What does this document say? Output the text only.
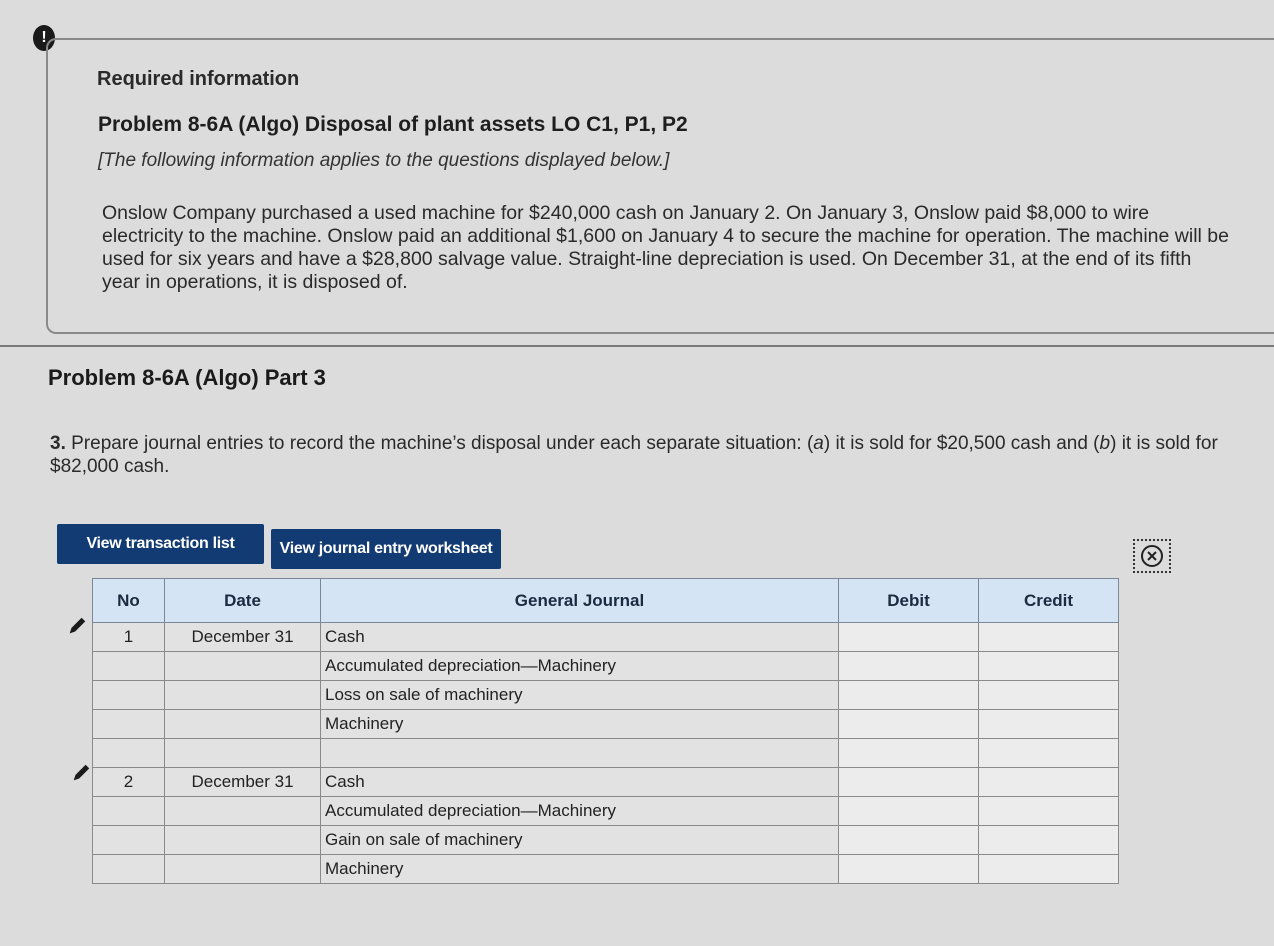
!
Required information
Problem 8-6A (Algo) Disposal of plant assets LO C1, P1, P2
[The following information applies to the questions displayed below.]
Onslow Company purchased a used machine for $240,000 cash on January 2. On January 3, Onslow paid $8,000 to wire electricity to the machine. Onslow paid an additional $1,600 on January 4 to secure the machine for operation. The machine will be used for six years and have a $28,800 salvage value. Straight-line depreciation is used. On December 31, at the end of its fifth year in operations, it is disposed of.
Problem 8-6A (Algo) Part 3
3. Prepare journal entries to record the machine’s disposal under each separate situation: (a) it is sold for $20,500 cash and (b) it is sold for $82,000 cash.
View transaction list	View journal entry worksheet
No	Date	General Journal	Debit	Credit
1	December 31	Cash		
		Accumulated depreciation—Machinery		
		Loss on sale of machinery		
		Machinery		

2	December 31	Cash		
		Accumulated depreciation—Machinery		
		Gain on sale of machinery		
		Machinery		
